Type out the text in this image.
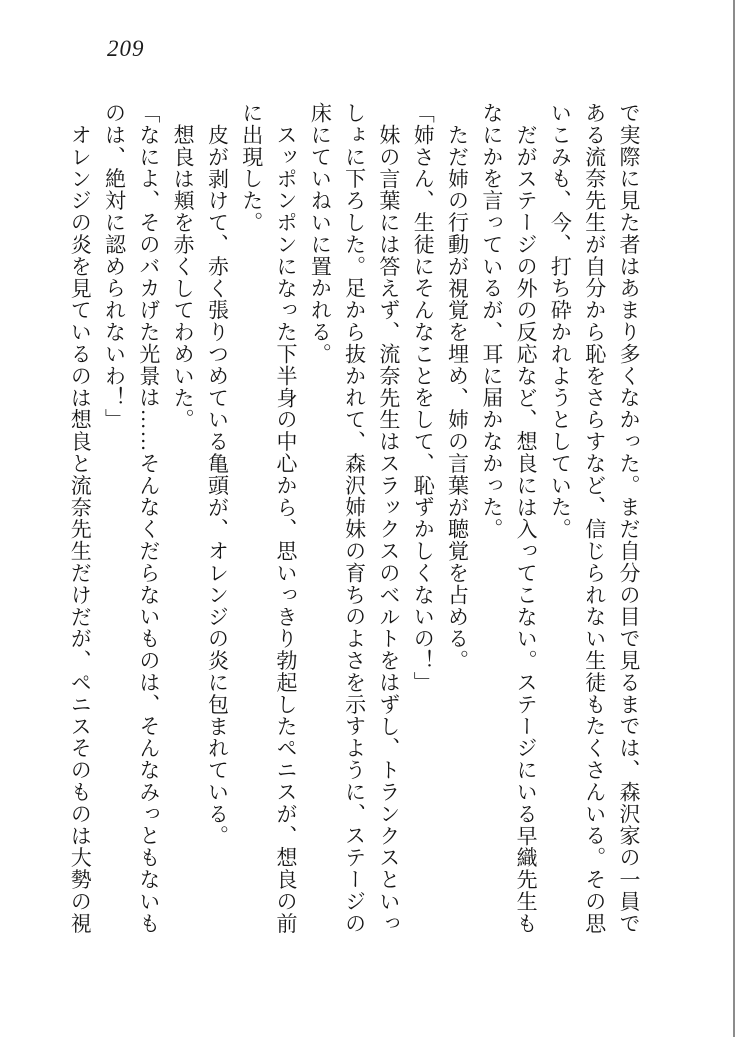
209
で実際に見た者はあまり多くなかった。まだ自分の目で見るまでは、森沢家の一員で
ある流奈先生が自分から恥をさらすなど、信じられない生徒もたくさんいる。その思
いこみも、今、打ち砕かれようとしていた。
だがステージの外の反応など、想良には入ってこない。ステージにいる早織先生も
なにかを言っているが、耳に届かなかった。
ただ姉の行動が視覚を埋め、姉の言葉が聴覚を占める。
「姉さん、生徒にそんなことをして、恥ずかしくないの！」
妹の言葉には答えず、流奈先生はスラックスのベルトをはずし、トランクスといっ
しょに下ろした。足から抜かれて、森沢姉妹の育ちのよさを示すように、ステージの
床にていねいに置かれる。
スッポンポンになった下半身の中心から、思いっきり勃起したペニスが、想良の前
に出現した。
皮が剥けて、赤く張りつめている亀頭が、オレンジの炎に包まれている。
想良は頬を赤くしてわめいた。
「なによ、そのバカげた光景は……そんなくだらないものは、そんなみっともないも
のは、絶対に認められないわ！」
オレンジの炎を見ているのは想良と流奈先生だけだが、ペニスそのものは大勢の視
